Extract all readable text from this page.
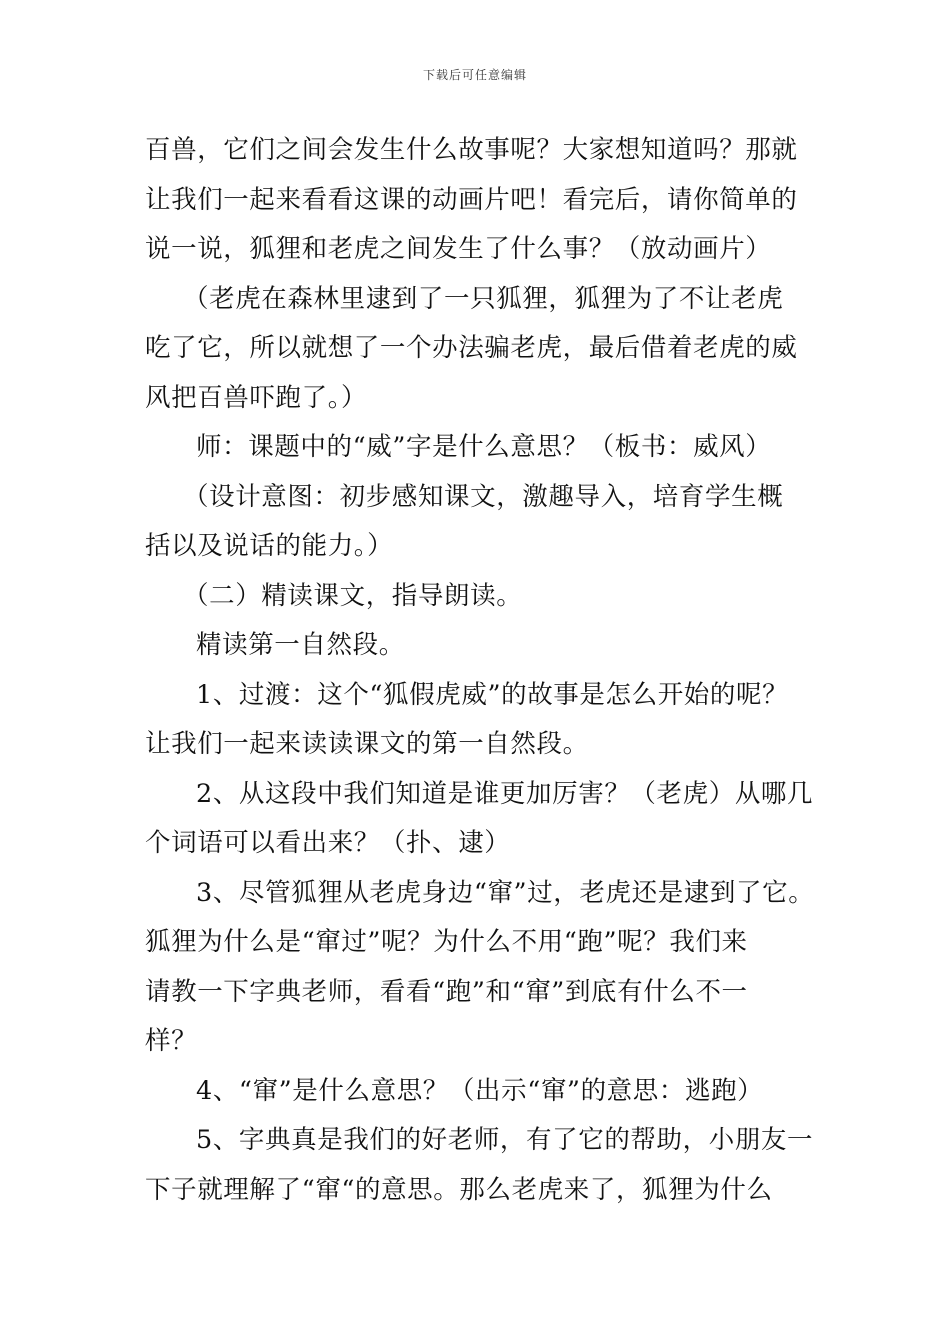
下载后可任意编辑
百兽，它们之间会发生什么故事呢？大家想知道吗？那就
让我们一起来看看这课的动画片吧！看完后，请你简单的
说一说，狐狸和老虎之间发生了什么事？（放动画片）
（老虎在森林里逮到了一只狐狸，狐狸为了不让老虎
吃了它，所以就想了一个办法骗老虎，最后借着老虎的威
风把百兽吓跑了。）
师：课题中的“威”字是什么意思？（板书：威风）
（设计意图：初步感知课文，激趣导入，培育学生概
括以及说话的能力。）
（二）精读课文，指导朗读。
精读第一自然段。
1、过渡：这个“狐假虎威”的故事是怎么开始的呢？
让我们一起来读读课文的第一自然段。
2、从这段中我们知道是谁更加厉害？（老虎）从哪几
个词语可以看出来？（扑、逮）
3、尽管狐狸从老虎身边“窜”过，老虎还是逮到了它。
狐狸为什么是“窜过”呢？为什么不用“跑”呢？我们来
请教一下字典老师，看看“跑”和“窜”到底有什么不一
样？
4、“窜”是什么意思？（出示“窜”的意思：逃跑）
5、字典真是我们的好老师，有了它的帮助，小朋友一
下子就理解了“窜“的意思。那么老虎来了，狐狸为什么
